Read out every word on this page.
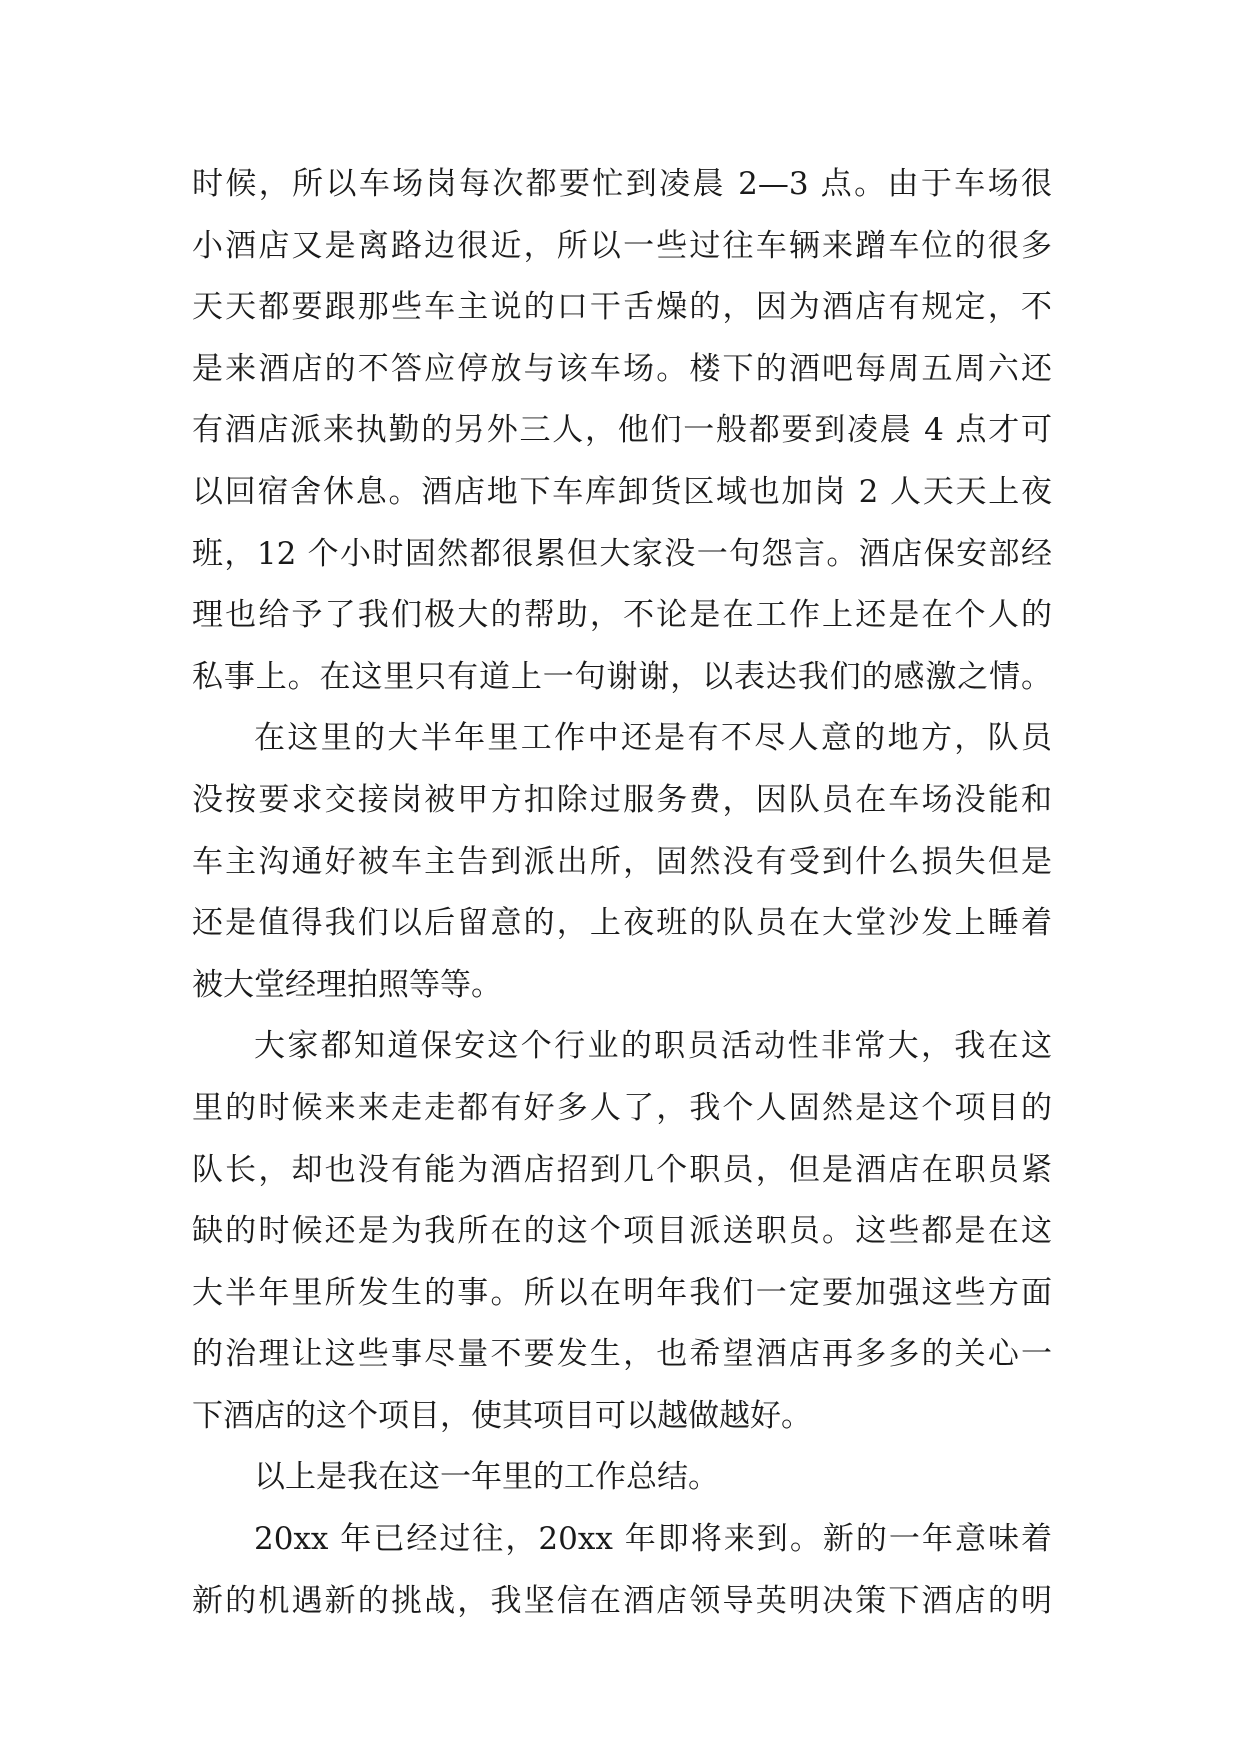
时候，所以车场岗每次都要忙到凌晨 2—3 点。由于车场很
小酒店又是离路边很近，所以一些过往车辆来蹭车位的很多
天天都要跟那些车主说的口干舌燥的，因为酒店有规定，不
是来酒店的不答应停放与该车场。楼下的酒吧每周五周六还
有酒店派来执勤的另外三人，他们一般都要到凌晨 4 点才可
以回宿舍休息。酒店地下车库卸货区域也加岗 2 人天天上夜
班，12 个小时固然都很累但大家没一句怨言。酒店保安部经
理也给予了我们极大的帮助，不论是在工作上还是在个人的
私事上。在这里只有道上一句谢谢，以表达我们的感激之情。
在这里的大半年里工作中还是有不尽人意的地方，队员
没按要求交接岗被甲方扣除过服务费，因队员在车场没能和
车主沟通好被车主告到派出所，固然没有受到什么损失但是
还是值得我们以后留意的，上夜班的队员在大堂沙发上睡着
被大堂经理拍照等等。
大家都知道保安这个行业的职员活动性非常大，我在这
里的时候来来走走都有好多人了，我个人固然是这个项目的
队长，却也没有能为酒店招到几个职员，但是酒店在职员紧
缺的时候还是为我所在的这个项目派送职员。这些都是在这
大半年里所发生的事。所以在明年我们一定要加强这些方面
的治理让这些事尽量不要发生，也希望酒店再多多的关心一
下酒店的这个项目，使其项目可以越做越好。
以上是我在这一年里的工作总结。
20xx 年已经过往，20xx 年即将来到。新的一年意味着
新的机遇新的挑战，我坚信在酒店领导英明决策下酒店的明
